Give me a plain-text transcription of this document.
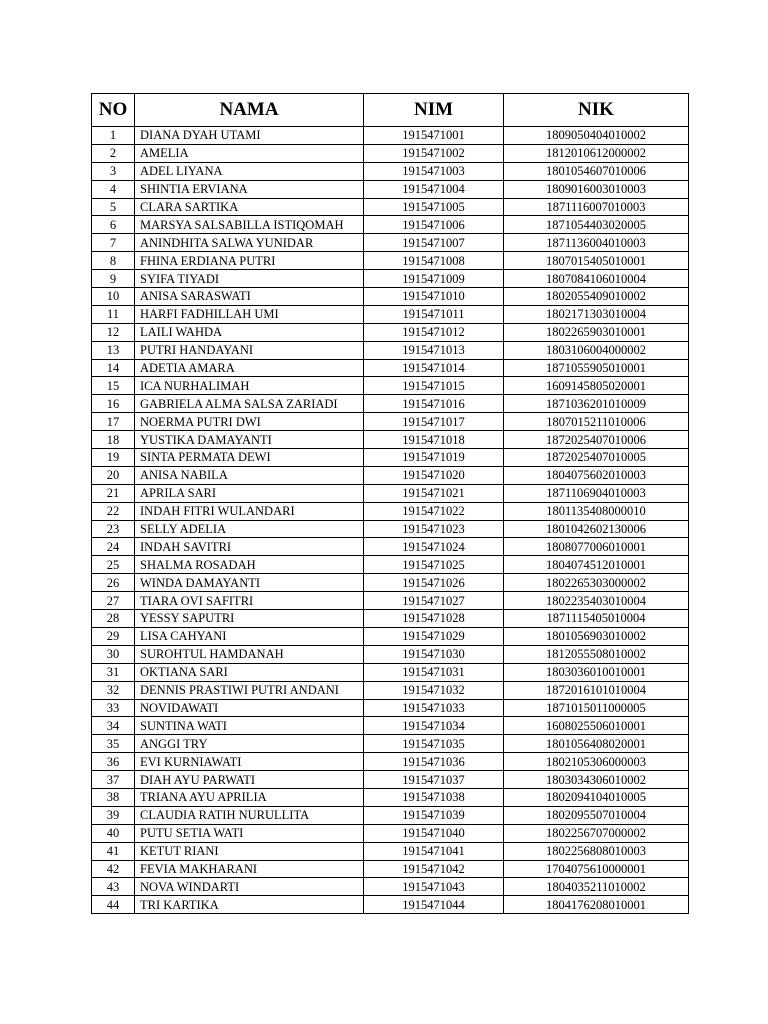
NO	NAMA	NIM	NIK
1	DIANA DYAH UTAMI	1915471001	1809050404010002
2	AMELIA	1915471002	1812010612000002
3	ADEL LIYANA	1915471003	1801054607010006
4	SHINTIA ERVIANA	1915471004	1809016003010003
5	CLARA SARTIKA	1915471005	1871116007010003
6	MARSYA SALSABILLA ISTIQOMAH	1915471006	1871054403020005
7	ANINDHITA SALWA YUNIDAR	1915471007	1871136004010003
8	FHINA ERDIANA PUTRI	1915471008	1807015405010001
9	SYIFA TIYADI	1915471009	1807084106010004
10	ANISA SARASWATI	1915471010	1802055409010002
11	HARFI FADHILLAH UMI	1915471011	1802171303010004
12	LAILI WAHDA	1915471012	1802265903010001
13	PUTRI HANDAYANI	1915471013	1803106004000002
14	ADETIA AMARA	1915471014	1871055905010001
15	ICA NURHALIMAH	1915471015	1609145805020001
16	GABRIELA ALMA SALSA ZARIADI	1915471016	1871036201010009
17	NOERMA PUTRI DWI	1915471017	1807015211010006
18	YUSTIKA DAMAYANTI	1915471018	1872025407010006
19	SINTA PERMATA DEWI	1915471019	1872025407010005
20	ANISA NABILA	1915471020	1804075602010003
21	APRILA SARI	1915471021	1871106904010003
22	INDAH FITRI WULANDARI	1915471022	1801135408000010
23	SELLY ADELIA	1915471023	1801042602130006
24	INDAH SAVITRI	1915471024	1808077006010001
25	SHALMA ROSADAH	1915471025	1804074512010001
26	WINDA DAMAYANTI	1915471026	1802265303000002
27	TIARA OVI SAFITRI	1915471027	1802235403010004
28	YESSY SAPUTRI	1915471028	1871115405010004
29	LISA CAHYANI	1915471029	1801056903010002
30	SUROHTUL HAMDANAH	1915471030	1812055508010002
31	OKTIANA SARI	1915471031	1803036010010001
32	DENNIS PRASTIWI PUTRI ANDANI	1915471032	1872016101010004
33	NOVIDAWATI	1915471033	1871015011000005
34	SUNTINA WATI	1915471034	1608025506010001
35	ANGGI TRY	1915471035	1801056408020001
36	EVI KURNIAWATI	1915471036	1802105306000003
37	DIAH AYU PARWATI	1915471037	1803034306010002
38	TRIANA AYU APRILIA	1915471038	1802094104010005
39	CLAUDIA RATIH NURULLITA	1915471039	1802095507010004
40	PUTU SETIA WATI	1915471040	1802256707000002
41	KETUT RIANI	1915471041	1802256808010003
42	FEVIA MAKHARANI	1915471042	1704075610000001
43	NOVA WINDARTI	1915471043	1804035211010002
44	TRI KARTIKA	1915471044	1804176208010001
